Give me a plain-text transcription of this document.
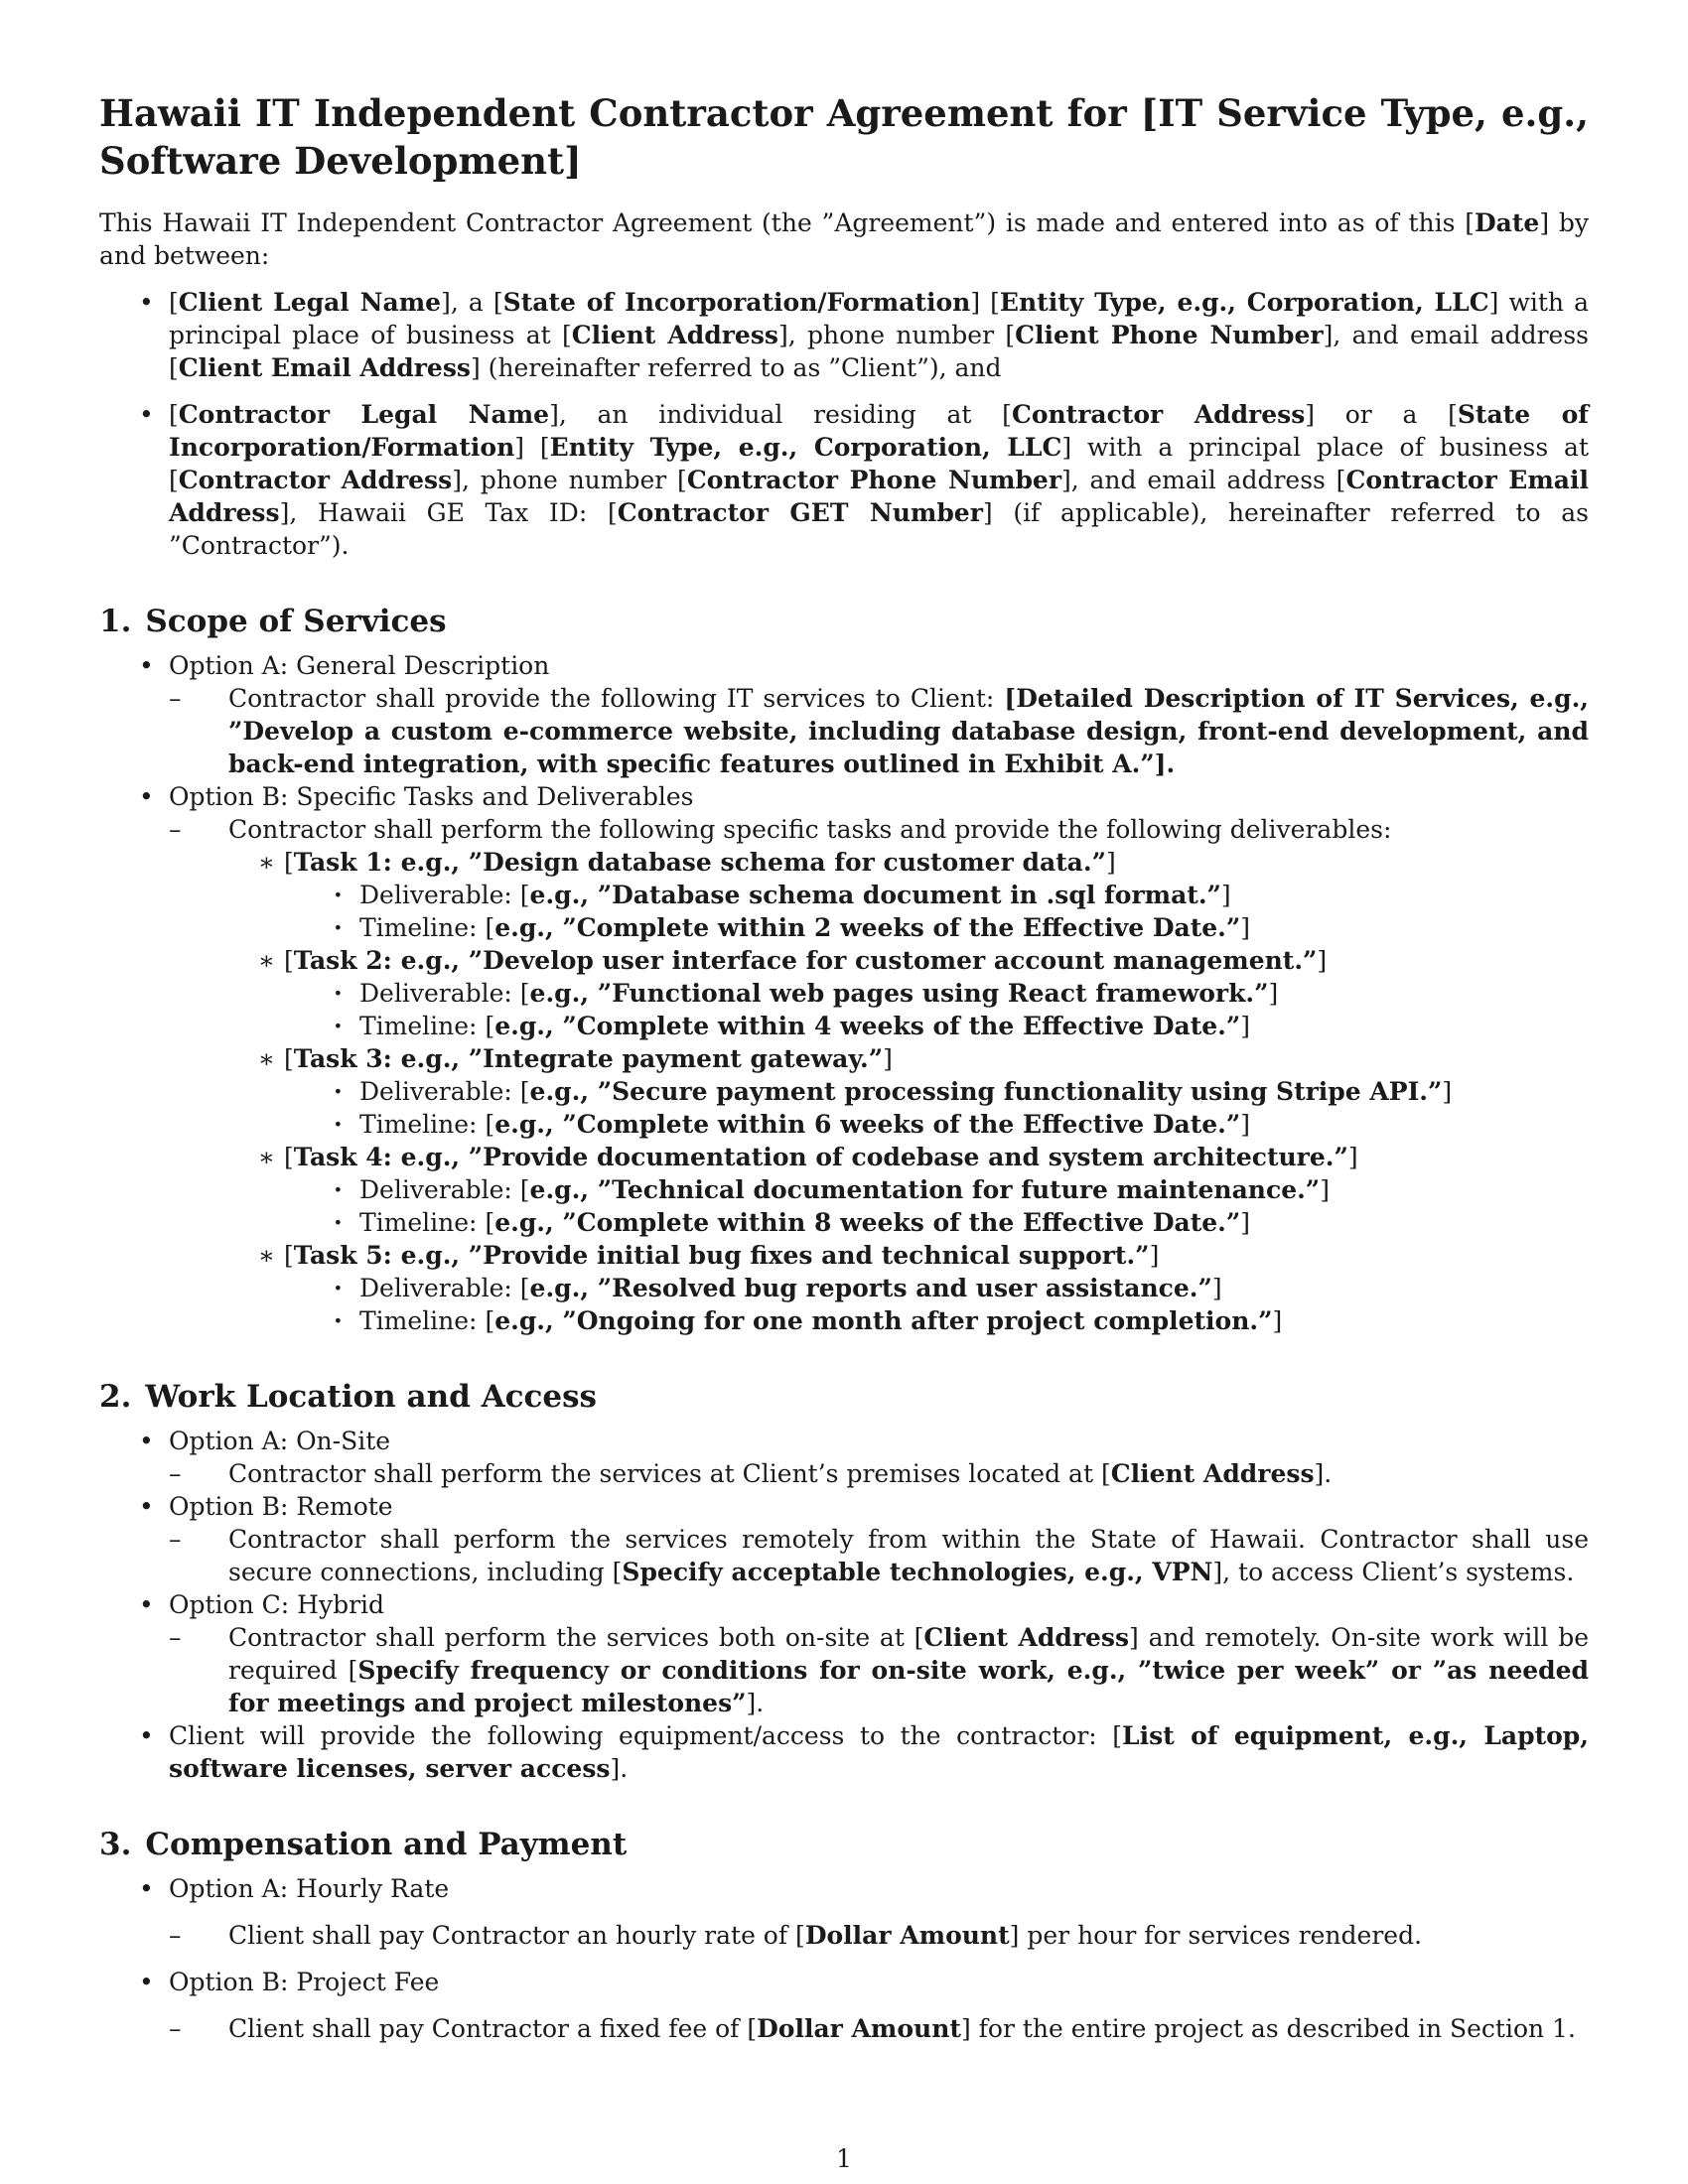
Hawaii IT Independent Contractor Agreement for [IT Service Type, e.g., Software Development]

This Hawaii IT Independent Contractor Agreement (the ”Agreement”) is made and entered into as of this [Date] by and between:

• [Client Legal Name], a [State of Incorporation/Formation] [Entity Type, e.g., Corporation, LLC] with a principal place of business at [Client Address], phone number [Client Phone Number], and email address [Client Email Address] (hereinafter referred to as ”Client”), and
• [Contractor Legal Name], an individual residing at [Contractor Address] or a [State of Incorporation/Formation] [Entity Type, e.g., Corporation, LLC] with a principal place of business at [Contractor Address], phone number [Contractor Phone Number], and email address [Contractor Email Address], Hawaii GE Tax ID: [Contractor GET Number] (if applicable), hereinafter referred to as ”Contractor”).
1. Scope of Services
• Option A: General Description
– Contractor shall provide the following IT services to Client: [Detailed Description of IT Services, e.g., ”Develop a custom e-commerce website, including database design, front-end development, and back-end integration, with specific features outlined in Exhibit A.”].
• Option B: Specific Tasks and Deliverables
– Contractor shall perform the following specific tasks and provide the following deliverables:
∗ [Task 1: e.g., ”Design database schema for customer data.”]
· Deliverable: [e.g., ”Database schema document in .sql format.”]
· Timeline: [e.g., ”Complete within 2 weeks of the Effective Date.”]
∗ [Task 2: e.g., ”Develop user interface for customer account management.”]
· Deliverable: [e.g., ”Functional web pages using React framework.”]
· Timeline: [e.g., ”Complete within 4 weeks of the Effective Date.”]
∗ [Task 3: e.g., ”Integrate payment gateway.”]
· Deliverable: [e.g., ”Secure payment processing functionality using Stripe API.”]
· Timeline: [e.g., ”Complete within 6 weeks of the Effective Date.”]
∗ [Task 4: e.g., ”Provide documentation of codebase and system architecture.”]
· Deliverable: [e.g., ”Technical documentation for future maintenance.”]
· Timeline: [e.g., ”Complete within 8 weeks of the Effective Date.”]
∗ [Task 5: e.g., ”Provide initial bug fixes and technical support.”]
· Deliverable: [e.g., ”Resolved bug reports and user assistance.”]
· Timeline: [e.g., ”Ongoing for one month after project completion.”]
2. Work Location and Access
• Option A: On-Site
– Contractor shall perform the services at Client’s premises located at [Client Address].
• Option B: Remote
– Contractor shall perform the services remotely from within the State of Hawaii. Contractor shall use secure connections, including [Specify acceptable technologies, e.g., VPN], to access Client’s systems.
• Option C: Hybrid
– Contractor shall perform the services both on-site at [Client Address] and remotely. On-site work will be required [Specify frequency or conditions for on-site work, e.g., ”twice per week” or ”as needed for meetings and project milestones”].
• Client will provide the following equipment/access to the contractor: [List of equipment, e.g., Laptop, software licenses, server access].
3. Compensation and Payment
• Option A: Hourly Rate
– Client shall pay Contractor an hourly rate of [Dollar Amount] per hour for services rendered.
• Option B: Project Fee
– Client shall pay Contractor a fixed fee of [Dollar Amount] for the entire project as described in Section 1.
1
